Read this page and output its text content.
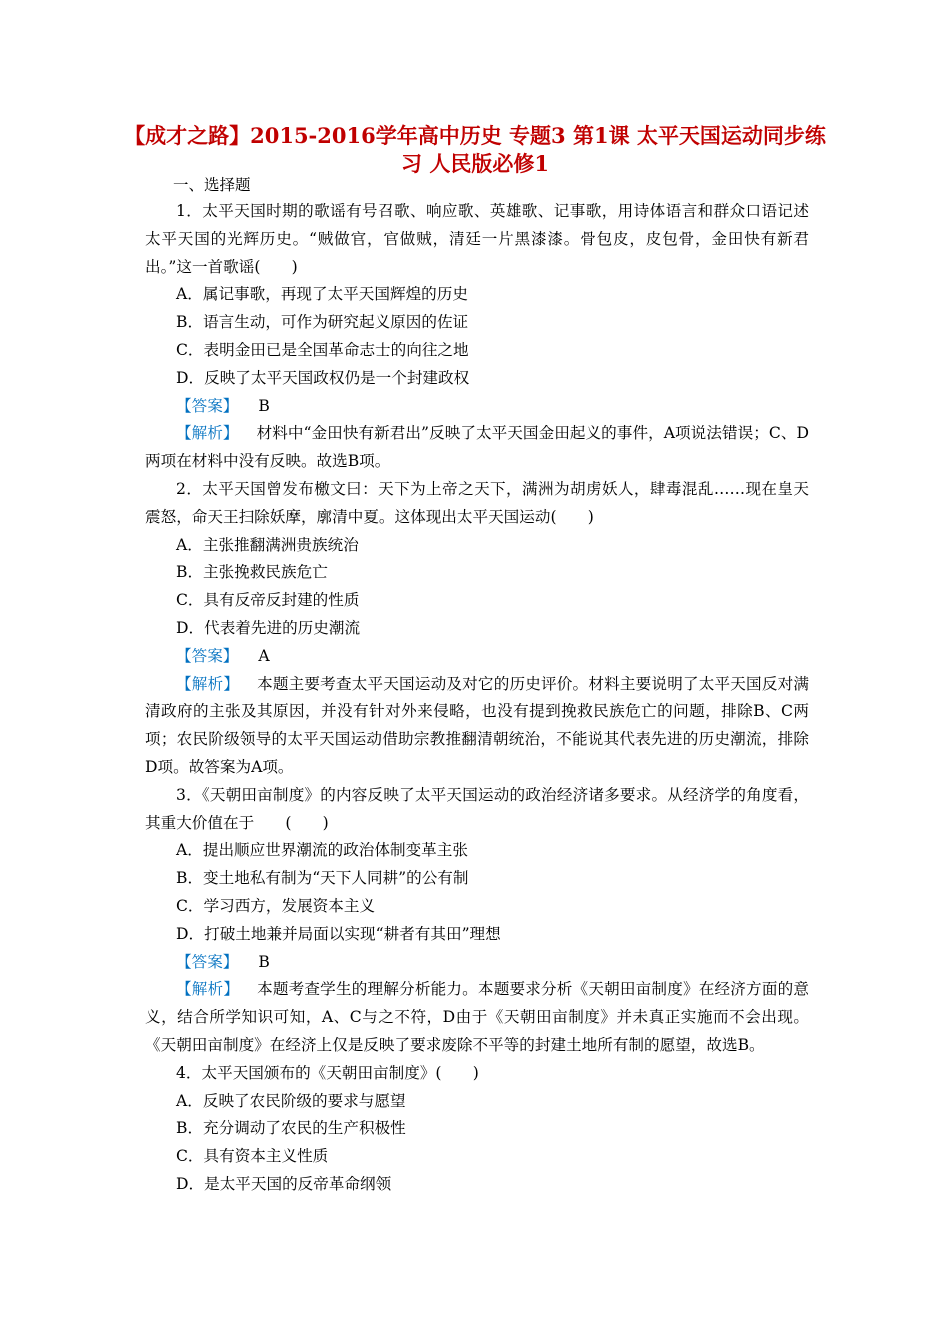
【成才之路】2015-2016学年高中历史 专题3 第1课 太平天国运动同步练习 人民版必修1
一、选择题

1．太平天国时期的歌谣有号召歌、响应歌、英雄歌、记事歌，用诗体语言和群众口语记述太平天国的光辉历史。“贼做官，官做贼，清廷一片黑漆漆。骨包皮，皮包骨，金田快有新君出。”这一首歌谣(　　)

A．属记事歌，再现了太平天国辉煌的历史

B．语言生动，可作为研究起义原因的佐证

C．表明金田已是全国革命志士的向往之地

D．反映了太平天国政权仍是一个封建政权

【答案】 B

【解析】 材料中“金田快有新君出”反映了太平天国金田起义的事件，A项说法错误；C、D两项在材料中没有反映。故选B项。

2．太平天国曾发布檄文曰：天下为上帝之天下，满洲为胡虏妖人，肆毒混乱……现在皇天震怒，命天王扫除妖摩，廓清中夏。这体现出太平天国运动(　　)

A．主张推翻满洲贵族统治

B．主张挽救民族危亡

C．具有反帝反封建的性质

D．代表着先进的历史潮流

【答案】 A

【解析】 本题主要考查太平天国运动及对它的历史评价。材料主要说明了太平天国反对满清政府的主张及其原因，并没有针对外来侵略，也没有提到挽救民族危亡的问题，排除B、C两项；农民阶级领导的太平天国运动借助宗教推翻清朝统治，不能说其代表先进的历史潮流，排除D项。故答案为A项。

3．《天朝田亩制度》的内容反映了太平天国运动的政治经济诸多要求。从经济学的角度看，其重大价值在于　　(　　)

A．提出顺应世界潮流的政治体制变革主张

B．变土地私有制为“天下人同耕”的公有制

C．学习西方，发展资本主义

D．打破土地兼并局面以实现“耕者有其田”理想

【答案】 B

【解析】 本题考查学生的理解分析能力。本题要求分析《天朝田亩制度》在经济方面的意义，结合所学知识可知，A、C与之不符，D由于《天朝田亩制度》并未真正实施而不会出现。《天朝田亩制度》在经济上仅是反映了要求废除不平等的封建土地所有制的愿望，故选B。

4．太平天国颁布的《天朝田亩制度》(　　)

A．反映了农民阶级的要求与愿望

B．充分调动了农民的生产积极性

C．具有资本主义性质

D．是太平天国的反帝革命纲领
